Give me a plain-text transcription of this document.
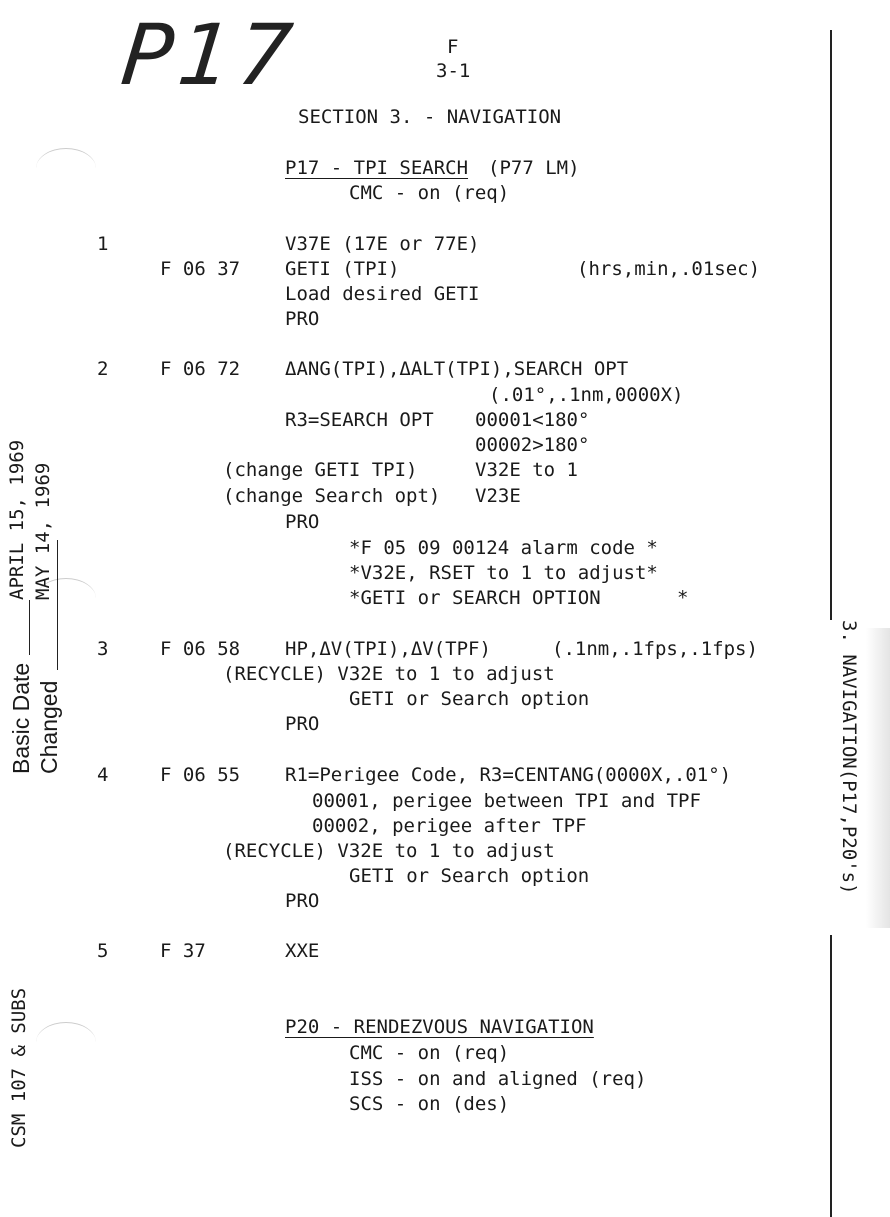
P17	F
3-1
SECTION 3. - NAVIGATION
P17 - TPI SEARCH (P77 LM)
CMC - on (req)
1	V37E (17E or 77E)
F 06 37 GETI (TPI)	(hrs,min,.01sec)
Load desired GETI
PRO
2	F 06 72 ΔANG(TPI),ΔALT(TPI),SEARCH OPT
(.01°,.1nm,0000X)
R3=SEARCH OPT 00001<180°
00002>180°
(change GETI TPI)	V32E to 1
(change Search opt) V23E
PRO
*F 05 09 00124 alarm code *
*V32E, RSET to 1 to adjust*
*GETI or SEARCH OPTION	*
3	F 06 58 HP,ΔV(TPI),ΔV(TPF)	(.1nm,.1fps,.1fps)
(RECYCLE) V32E to 1 to adjust
GETI or Search option
PRO
4	F 06 55 R1=Perigee Code, R3=CENTANG(0000X,.01°)
00001, perigee between TPI and TPF
00002, perigee after TPF
(RECYCLE) V32E to 1 to adjust
GETI or Search option
PRO
5	F 37	XXE
P20 - RENDEZVOUS NAVIGATION
CMC - on (req)
ISS - on and aligned (req)
SCS - on (des)
Basic Date Changed
APRIL 15, 1969 MAY 14, 1969
CSM 107 & SUBS
3. NAVIGATION(P17,P20's)
